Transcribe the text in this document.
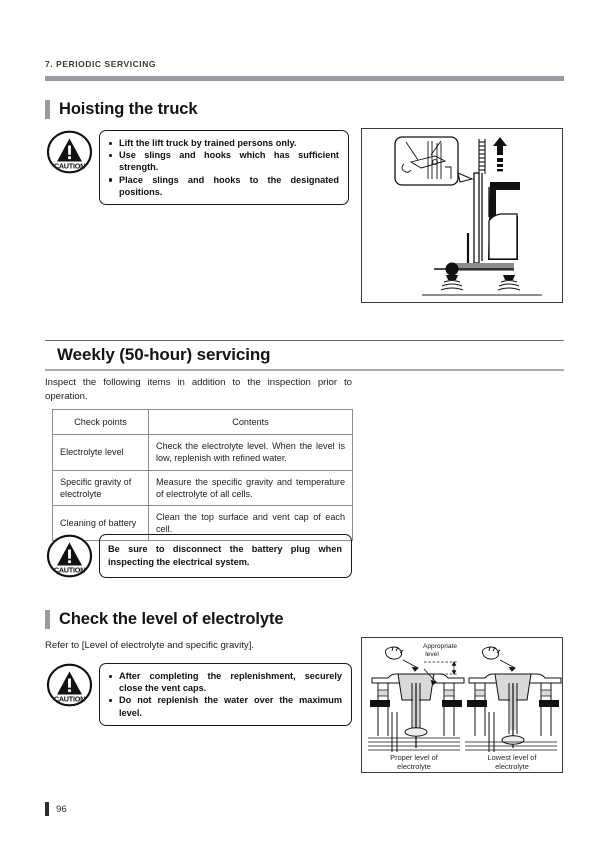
7. PERIODIC SERVICING
Hoisting the truck
CAUTION
Lift the lift truck by trained persons only.
Use slings and hooks which has sufficient strength.
Place slings and hooks to the designated positions.
Weekly (50-hour) servicing
Inspect the following items in addition to the inspection prior to operation.
Check points	Contents
Electrolyte level	Check the electrolyte level. When the level is low, replenish with refined water.
Specific gravity of electrolyte	Measure the specific gravity and temperature of electrolyte of all cells.
Cleaning of battery	Clean the top surface and vent cap of each cell.
CAUTION
Be sure to disconnect the battery plug when inspecting the electrical system.
Check the level of electrolyte
Refer to [Level of electrolyte and specific gravity].
CAUTION
After completing the replenishment, securely close the vent caps.
Do not replenish the water over the maximum level.
Appropriate
level
Proper level of
electrolyte
Lowest level of
electrolyte
96
